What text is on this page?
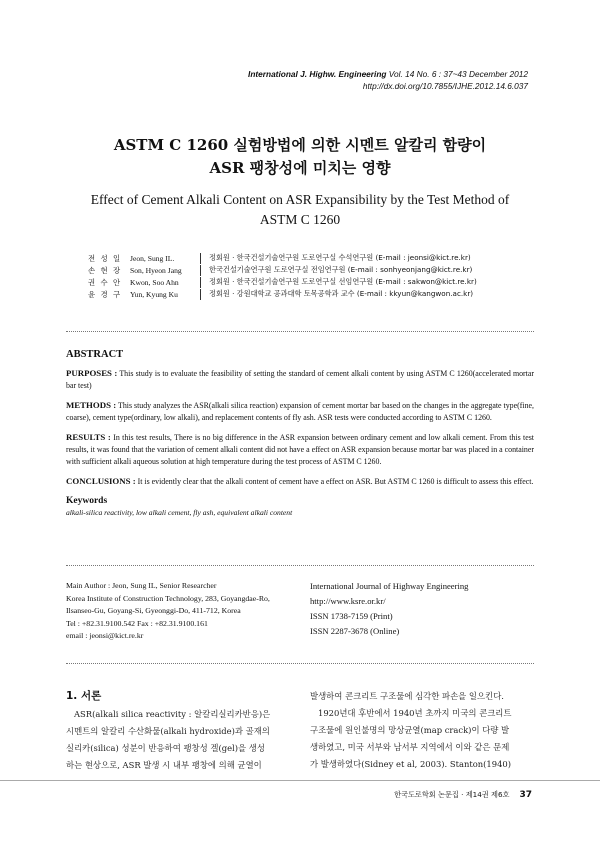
International J. Highw. Engineering Vol. 14 No. 6 : 37~43 December 2012
http://dx.doi.org/10.7855/IJHE.2012.14.6.037
ASTM C 1260 실험방법에 의한 시멘트 알칼리 함량이
ASR 팽창성에 미치는 영향
Effect of Cement Alkali Content on ASR Expansibility by the Test Method of
ASTM C 1260
전 성 일	Jeon, Sung IL.	정회원 · 한국건설기술연구원 도로연구실 수석연구원 (E-mail : jeonsi@kict.re.kr)
손 현 장	Son, Hyeon Jang	한국건설기술연구원 도로연구실 전임연구원 (E-mail : sonhyeonjang@kict.re.kr)
권 수 안	Kwon, Soo Ahn	정회원 · 한국건설기술연구원 도로연구실 선임연구원 (E-mail : sakwon@kict.re.kr)
윤 경 구	Yun, Kyung Ku	정회원 · 강원대학교 공과대학 토목공학과 교수 (E-mail : kkyun@kangwon.ac.kr)
ABSTRACT

PURPOSES : This study is to evaluate the feasibility of setting the standard of cement alkali content by using ASTM C 1260(accelerated mortar bar test)

METHODS : This study analyzes the ASR(alkali silica reaction) expansion of cement mortar bar based on the changes in the aggregate type(fine, coarse), cement type(ordinary, low alkali), and replacement contents of fly ash. ASR tests were conducted according to ASTM C 1260.

RESULTS : In this test results, There is no big difference in the ASR expansion between ordinary cement and low alkali cement. From this test results, it was found that the variation of cement alkali content did not have a effect on ASR expansion because mortar bar was placed in a container with sufficient alkali aqueous solution at high temperature during the test process of ASTM C 1260.

CONCLUSIONS : It is evidently clear that the alkali content of cement have a effect on ASR. But ASTM C 1260 is difficult to assess this effect.

Keywords
alkali-silica reactivity, low alkali cement, fly ash, equivalent alkali content
Main Author : Jeon, Sung IL, Senior Researcher
Korea Institute of Construction Technology, 283, Goyangdae-Ro,
Ilsanseo-Gu, Goyang-Si, Gyeonggi-Do, 411-712, Korea
Tel : +82.31.9100.542 Fax : +82.31.9100.161
email : jeonsi@kict.re.kr
International Journal of Highway Engineering
http://www.ksre.or.kr/
ISSN 1738-7159 (Print)
ISSN 2287-3678 (Online)
1. 서론
ASR(alkali silica reactivity : 알칼리실리카반응)은
시멘트의 알칼리 수산화물(alkali hydroxide)과 골재의
실리카(silica) 성분이 반응하여 팽창성 겔(gel)을 생성
하는 현상으로, ASR 발생 시 내부 팽창에 의해 균열이
발생하여 콘크리트 구조물에 심각한 파손을 일으킨다.
1920년대 후반에서 1940년 초까지 미국의 콘크리트
구조물에 원인불명의 망상균열(map crack)이 다량 발
생하였고, 미국 서부와 남서부 지역에서 이와 같은 문제
가 발생하였다(Sidney et al, 2003). Stanton(1940)
한국도로학회 논문집 · 제14권 제6호 37
